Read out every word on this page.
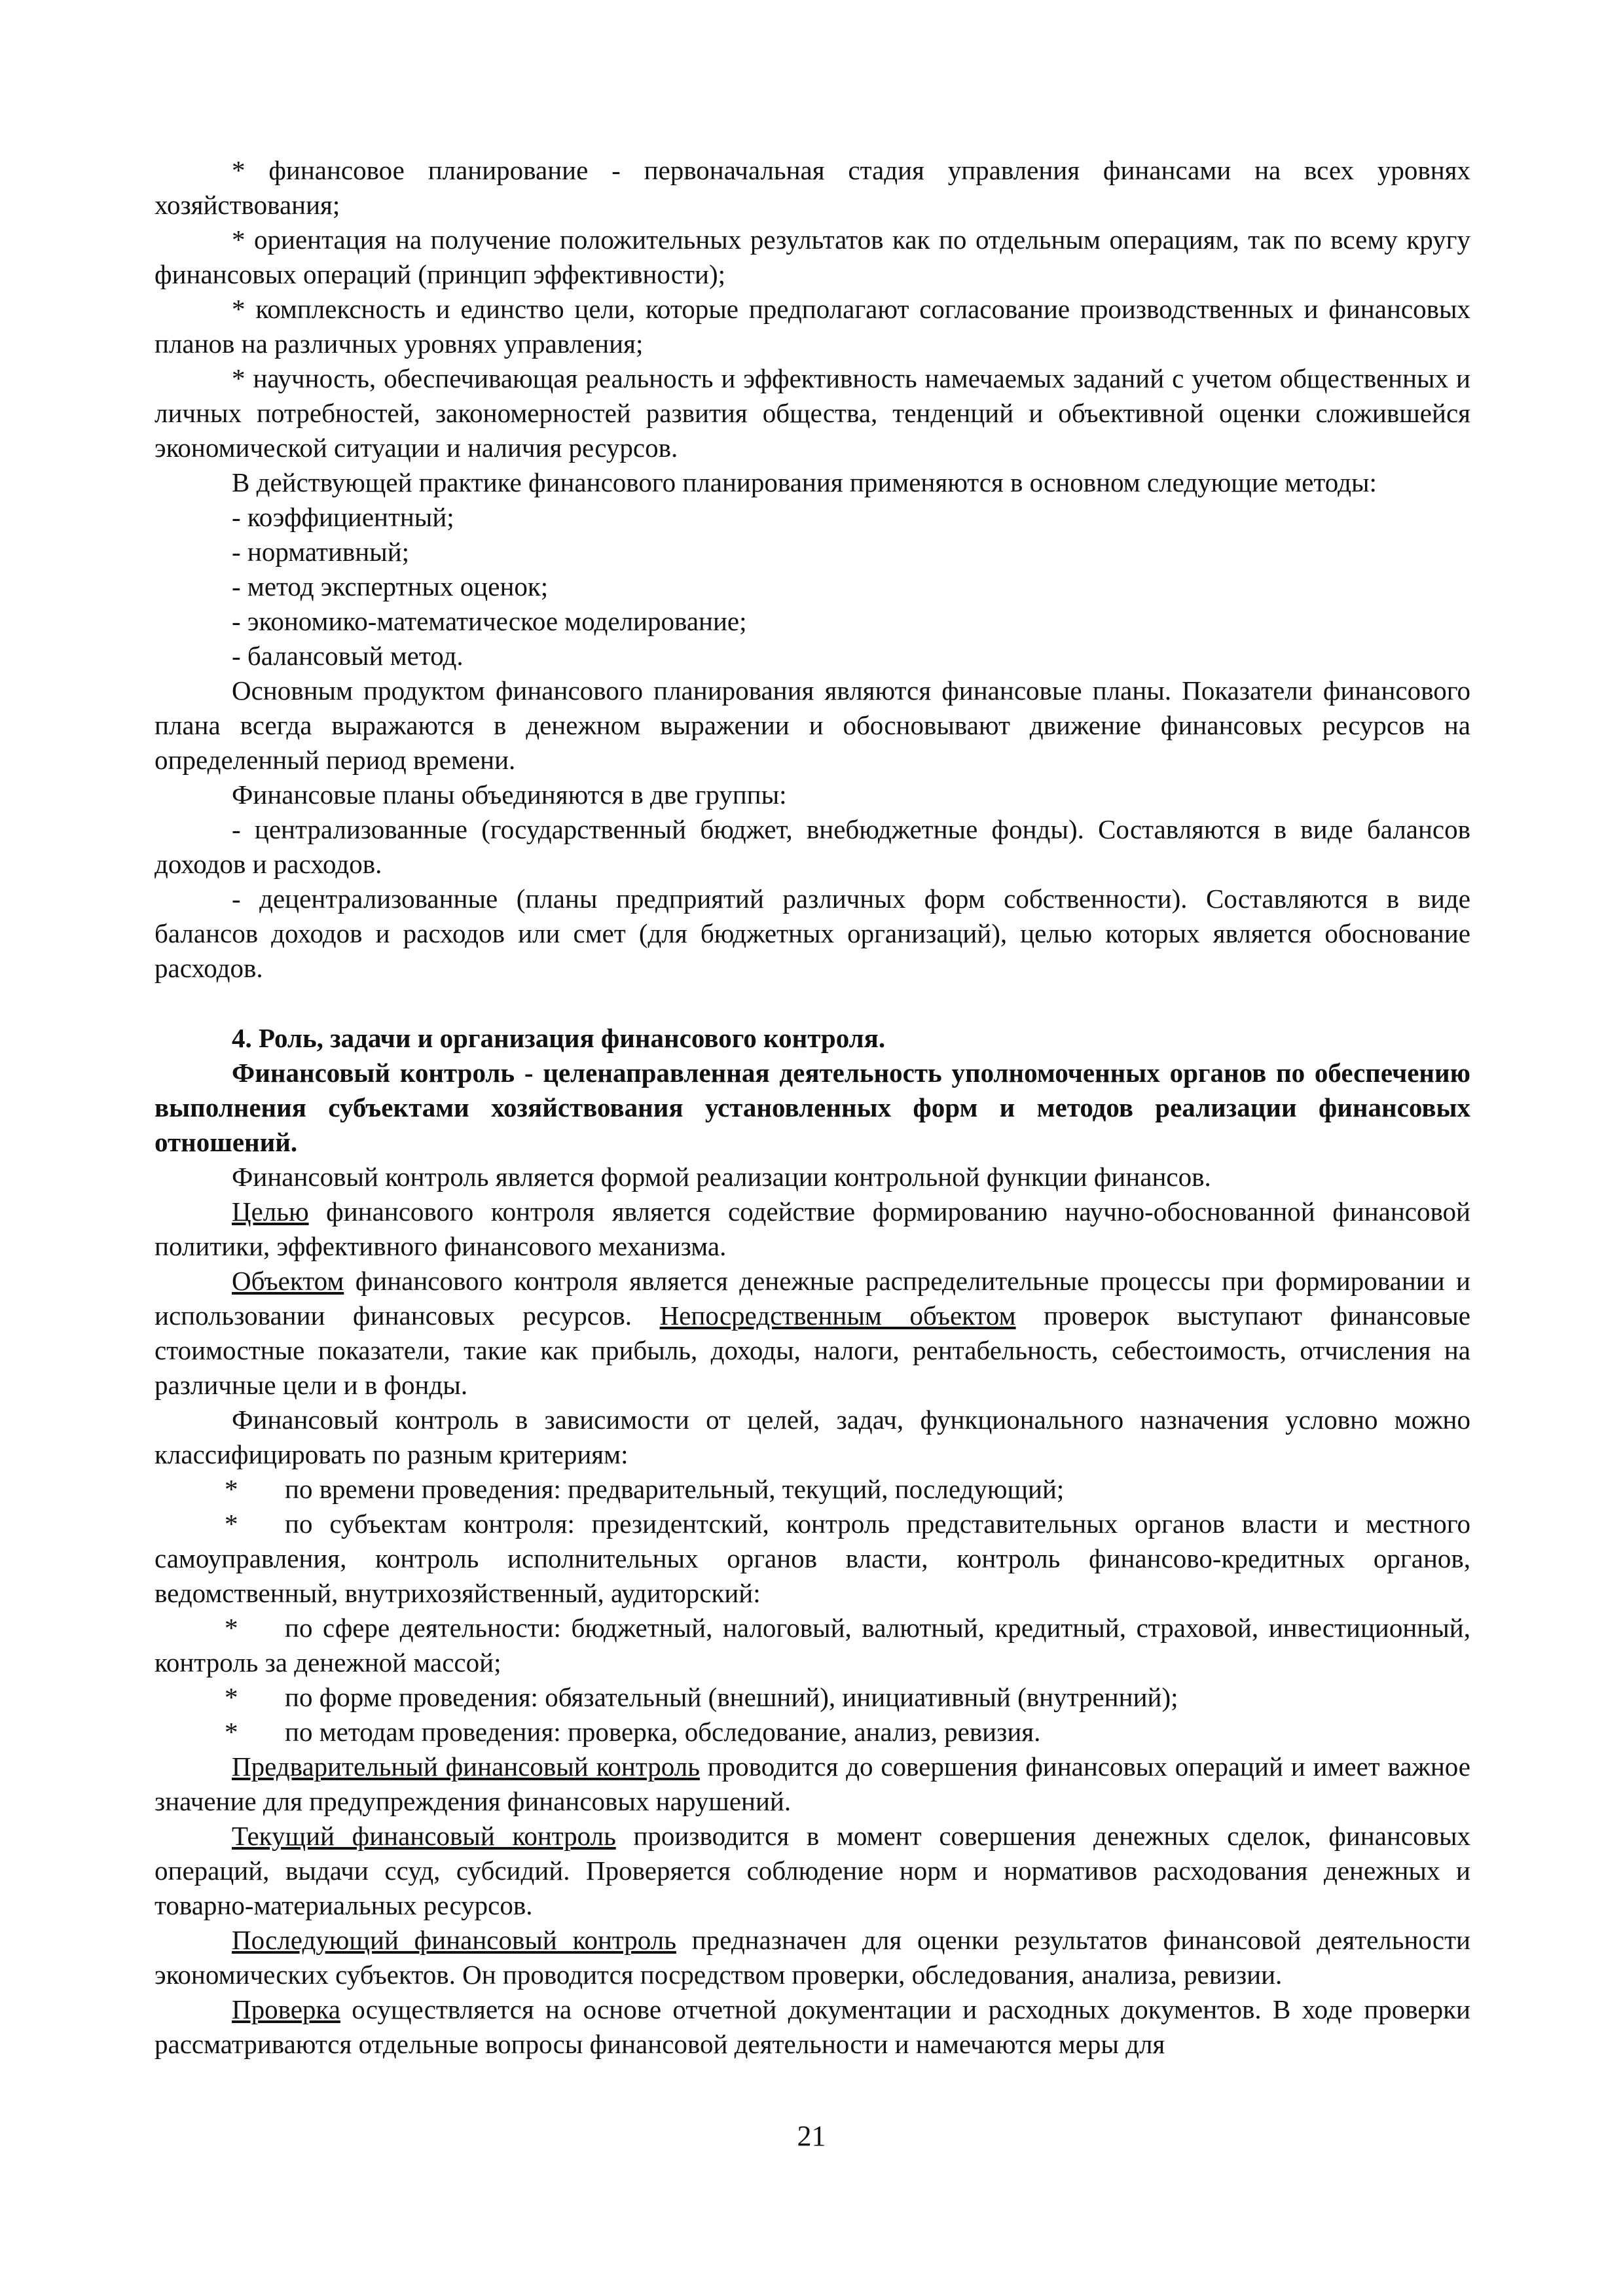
* финансовое планирование - первоначальная стадия управления финансами на всех уровнях хозяйствования;

* ориентация на получение положительных результатов как по отдельным операциям, так по всему кругу финансовых операций (принцип эффективности);

* комплексность и единство цели, которые предполагают согласование производственных и финансовых планов на различных уровнях управления;

* научность, обеспечивающая реальность и эффективность намечаемых заданий с учетом общественных и личных потребностей, закономерностей развития общества, тенденций и объективной оценки сложившейся экономической ситуации и наличия ресурсов.

В действующей практике финансового планирования применяются в основном следующие методы:

- коэффициентный;

- нормативный;

- метод экспертных оценок;

- экономико-математическое моделирование;

- балансовый метод.

Основным продуктом финансового планирования являются финансовые планы. Показатели финансового плана всегда выражаются в денежном выражении и обосновывают движение финансовых ресурсов на определенный период времени.

Финансовые планы объединяются в две группы:

- централизованные (государственный бюджет, внебюджетные фонды). Составляются в виде балансов доходов и расходов.

- децентрализованные (планы предприятий различных форм собственности). Составляются в виде балансов доходов и расходов или смет (для бюджетных организаций), целью которых является обоснование расходов.

4. Роль, задачи и организация финансового контроля.

Финансовый контроль - целенаправленная деятельность уполномоченных органов по обеспечению выполнения субъектами хозяйствования установленных форм и методов реализации финансовых отношений.

Финансовый контроль является формой реализации контрольной функции финансов.

Целью финансового контроля является содействие формированию научно-обоснованной финансовой политики, эффективного финансового механизма.

Объектом финансового контроля является денежные распределительные процессы при формировании и использовании финансовых ресурсов. Непосредственным объектом проверок выступают финансовые стоимостные показатели, такие как прибыль, доходы, налоги, рентабельность, себестоимость, отчисления на различные цели и в фонды.

Финансовый контроль в зависимости от целей, задач, функционального назначения условно можно классифицировать по разным критериям:

* по времени проведения: предварительный, текущий, последующий;

* по субъектам контроля: президентский, контроль представительных органов власти и местного самоуправления, контроль исполнительных органов власти, контроль финансово-кредитных органов, ведомственный, внутрихозяйственный, аудиторский:

* по сфере деятельности: бюджетный, налоговый, валютный, кредитный, страховой, инвестиционный, контроль за денежной массой;

* по форме проведения: обязательный (внешний), инициативный (внутренний);

* по методам проведения: проверка, обследование, анализ, ревизия.

Предварительный финансовый контроль проводится до совершения финансовых операций и имеет важное значение для предупреждения финансовых нарушений.

Текущий финансовый контроль производится в момент совершения денежных сделок, финансовых операций, выдачи ссуд, субсидий. Проверяется соблюдение норм и нормативов расходования денежных и товарно-материальных ресурсов.

Последующий финансовый контроль предназначен для оценки результатов финансовой деятельности экономических субъектов. Он проводится посредством проверки, обследования, анализа, ревизии.

Проверка осуществляется на основе отчетной документации и расходных документов. В ходе проверки рассматриваются отдельные вопросы финансовой деятельности и намечаются меры для

21
